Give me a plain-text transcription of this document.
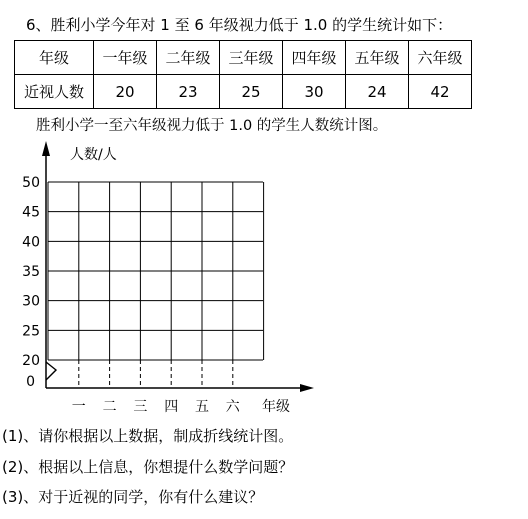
6、胜利小学今年对 1 至 6 年级视力低于 1.0 的学生统计如下：
年级	一年级	二年级	三年级	四年级	五年级	六年级
近视人数	20	23	25	30	24	42
胜利小学一至六年级视力低于 1.0 的学生人数统计图。
50
45
40
35
30
25
20
0
一 二 三 四 五 六 年级
人数/人
(1)、请你根据以上数据，制成折线统计图。
(2)、根据以上信息，你想提什么数学问题？
(3)、对于近视的同学，你有什么建议？
